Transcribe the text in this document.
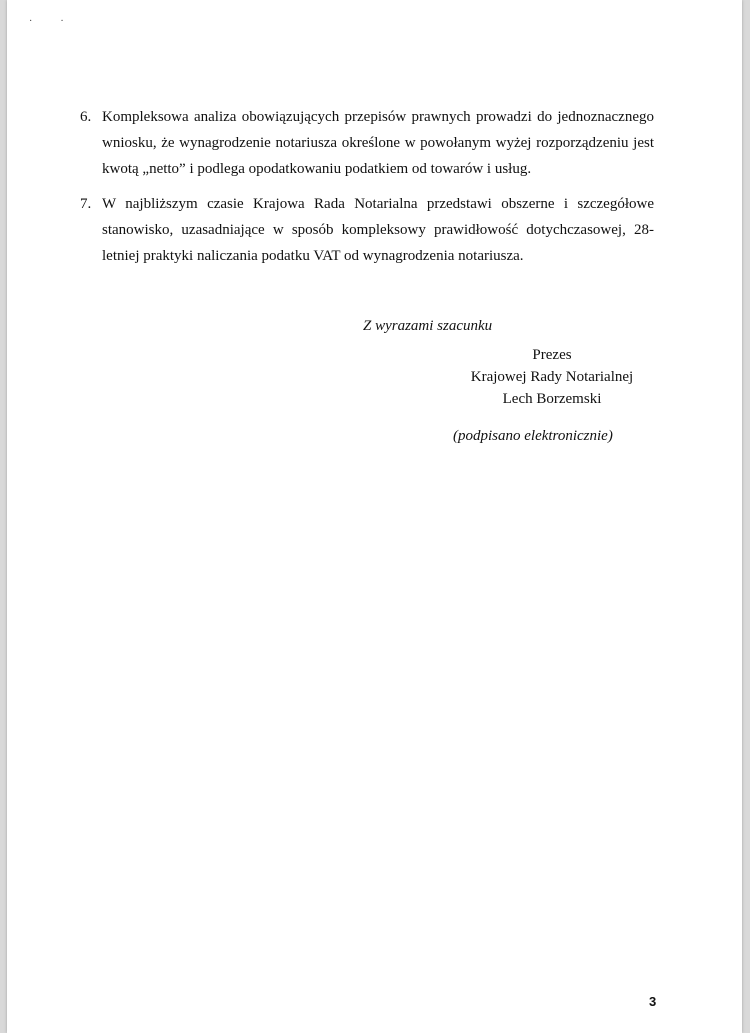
··
6. Kompleksowa analiza obowiązujących przepisów prawnych prowadzi do jednoznacznego wniosku, że wynagrodzenie notariusza określone w powołanym wyżej rozporządzeniu jest kwotą „netto” i podlega opodatkowaniu podatkiem od towarów i usług.
7. W najbliższym czasie Krajowa Rada Notarialna przedstawi obszerne i szczegółowe stanowisko, uzasadniające w sposób kompleksowy prawidłowość dotychczasowej, 28-letniej praktyki naliczania podatku VAT od wynagrodzenia notariusza.
Z wyrazami szacunku
Prezes
Krajowej Rady Notarialnej
Lech Borzemski
(podpisano elektronicznie)
3
